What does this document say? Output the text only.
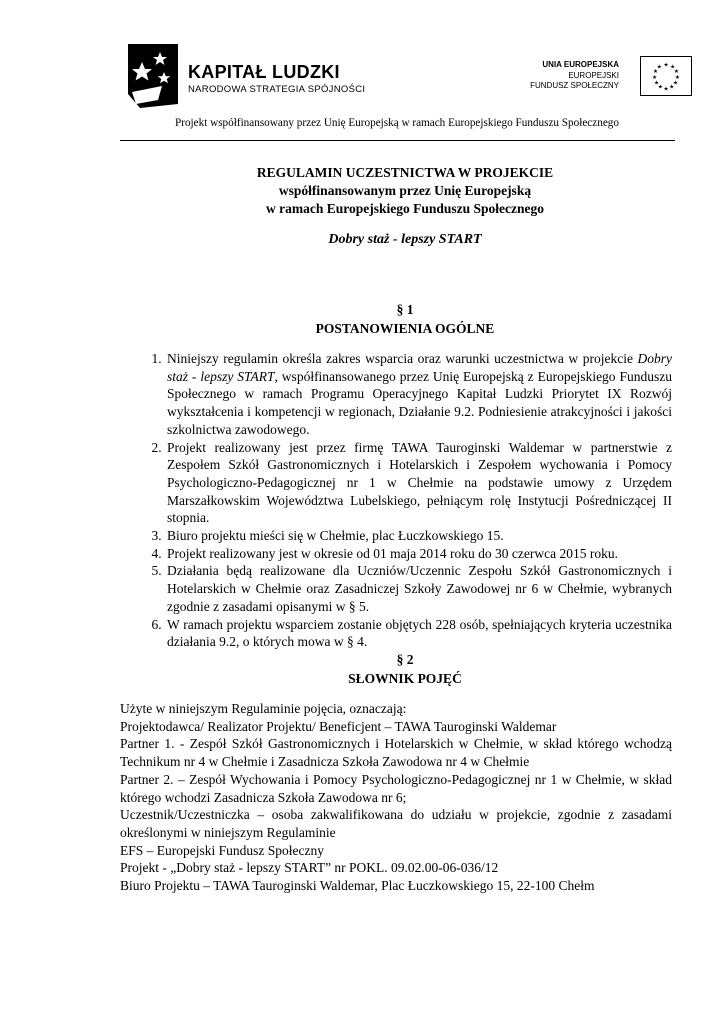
KAPITAŁ LUDZKI
NARODOWA STRATEGIA SPÓJNOŚCI
UNIA EUROPEJSKA
EUROPEJSKI
FUNDUSZ SPOŁECZNY
★ ★
★
★
★
★
★
★
★
★
★
★
Projekt współfinansowany przez Unię Europejską w ramach Europejskiego Funduszu Społecznego
REGULAMIN UCZESTNICTWA W PROJEKCIE
współfinansowanym przez Unię Europejską
w ramach Europejskiego Funduszu Społecznego
Dobry staż - lepszy START
§ 1
POSTANOWIENIA OGÓLNE
1. Niniejszy regulamin określa zakres wsparcia oraz warunki uczestnictwa w projekcie Dobry staż - lepszy START, współfinansowanego przez Unię Europejską z Europejskiego Funduszu Społecznego w ramach Programu Operacyjnego Kapitał Ludzki Priorytet IX Rozwój wykształcenia i kompetencji w regionach, Działanie 9.2. Podniesienie atrakcyjności i jakości szkolnictwa zawodowego.
2. Projekt realizowany jest przez firmę TAWA Tauroginski Waldemar w partnerstwie z Zespołem Szkół Gastronomicznych i Hotelarskich i Zespołem wychowania i Pomocy Psychologiczno-Pedagogicznej nr 1 w Chełmie na podstawie umowy z Urzędem Marszałkowskim Województwa Lubelskiego, pełniącym rolę Instytucji Pośredniczącej II stopnia.
3. Biuro projektu mieści się w Chełmie, plac Łuczkowskiego 15.
4. Projekt realizowany jest w okresie od 01 maja 2014 roku do 30 czerwca 2015 roku.
5. Działania będą realizowane dla Uczniów/Uczennic Zespołu Szkół Gastronomicznych i Hotelarskich w Chełmie oraz Zasadniczej Szkoły Zawodowej nr 6 w Chełmie, wybranych zgodnie z zasadami opisanymi w § 5.
6. W ramach projektu wsparciem zostanie objętych 228 osób, spełniających kryteria uczestnika działania 9.2, o których mowa w § 4.
§ 2
SŁOWNIK POJĘĆ

Użyte w niniejszym Regulaminie pojęcia, oznaczają:

Projektodawca/ Realizator Projektu/ Beneficjent – TAWA Tauroginski Waldemar

Partner 1. - Zespół Szkół Gastronomicznych i Hotelarskich w Chełmie, w skład którego wchodzą Technikum nr 4 w Chełmie i Zasadnicza Szkoła Zawodowa nr 4 w Chełmie

Partner 2. – Zespół Wychowania i Pomocy Psychologiczno-Pedagogicznej nr 1 w Chełmie, w skład którego wchodzi Zasadnicza Szkoła Zawodowa nr 6;

Uczestnik/Uczestniczka – osoba zakwalifikowana do udziału w projekcie, zgodnie z zasadami określonymi w niniejszym Regulaminie

EFS – Europejski Fundusz Społeczny

Projekt - „Dobry staż - lepszy START” nr POKL. 09.02.00-06-036/12

Biuro Projektu – TAWA Tauroginski Waldemar, Plac Łuczkowskiego 15, 22-100 Chełm
